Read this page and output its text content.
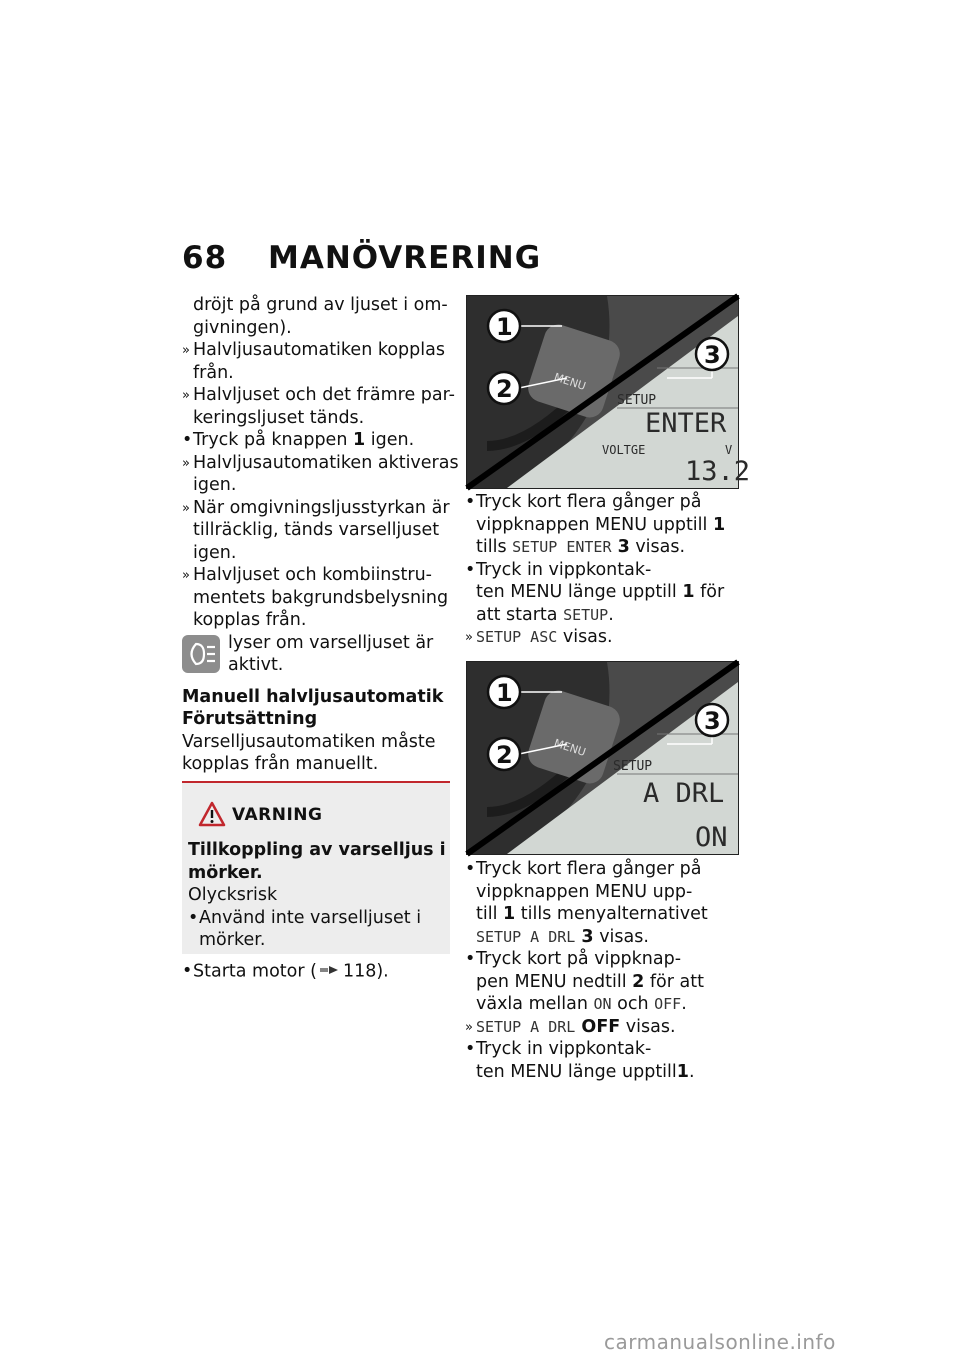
68 MANÖVRERING
dröjt på grund av ljuset i om-
givningen).
» Halvljusautomatiken kopplas
från.
» Halvljuset och det främre par-
keringsljuset tänds.
• Tryck på knappen 1 igen.
» Halvljusautomatiken aktiveras
igen.
» När omgivningsljusstyrkan är
tillräcklig, tänds varselljuset
igen.
» Halvljuset och kombiinstru-
mentets bakgrundsbelysning
kopplas från.
lyser om varselljuset är
aktivt.
Manuell halvljusautomatik
Förutsättning
Varselljusautomatiken måste
kopplas från manuellt.
VARNING
Tillkoppling av varselljus i
mörker.
Olycksrisk
• Använd inte varselljuset i
mörker.
• Starta motor ( 118).
MENU
SETUP
ENTER
VOLTGE	V
13.2
1
2
3
• Tryck kort flera gånger på
vippknappen MENU upptill 1
tills SETUP ENTER 3 visas.
• Tryck in vippkontak-
ten MENU länge upptill 1 för
att starta SETUP.
» SETUP ASC visas.
MENU
SETUP
A DRL
ON
1
2
3
• Tryck kort flera gånger på
vippknappen MENU upp-
till 1 tills menyalternativet
SETUP A DRL 3 visas.
• Tryck kort på vippknap-
pen MENU nedtill 2 för att
växla mellan ON och OFF.
» SETUP A DRL OFF visas.
• Tryck in vippkontak-
ten MENU länge upptill1.
carmanualsonline.info
